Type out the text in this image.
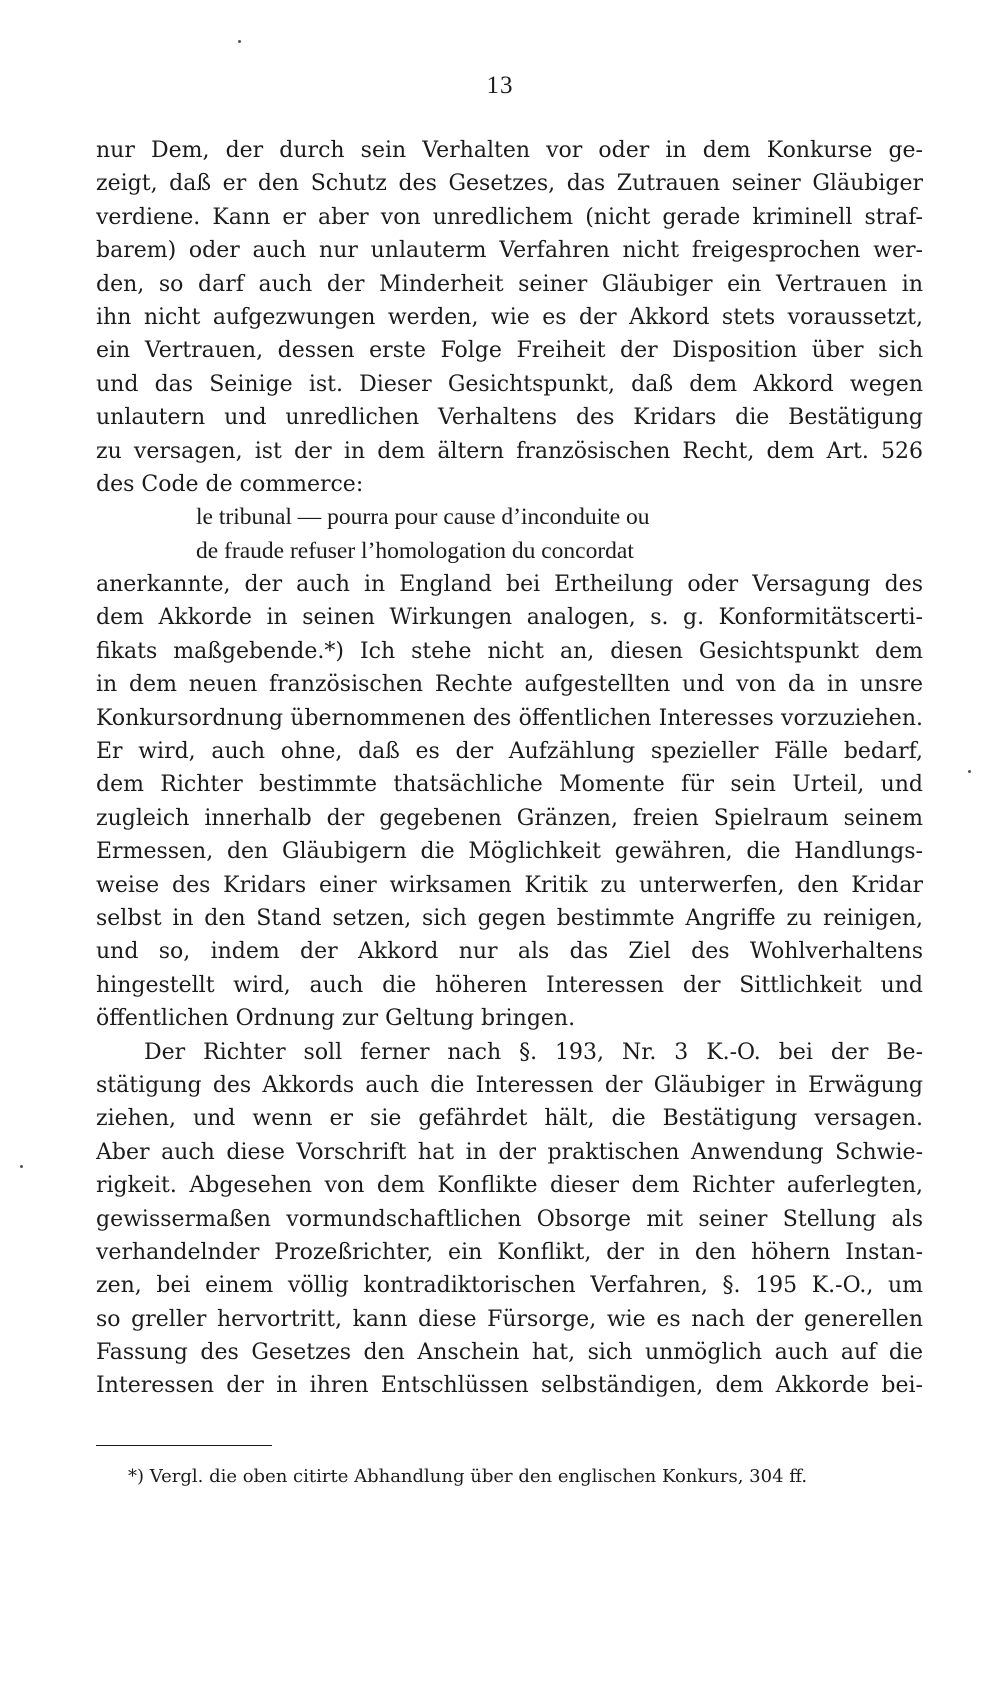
13
nur Dem, der durch sein Verhalten vor oder in dem Konkurse ge-
zeigt, daß er den Schutz des Gesetzes, das Zutrauen seiner Gläubiger
verdiene. Kann er aber von unredlichem (nicht gerade kriminell straf-
barem) oder auch nur unlauterm Verfahren nicht freigesprochen wer-
den, so darf auch der Minderheit seiner Gläubiger ein Vertrauen in
ihn nicht aufgezwungen werden, wie es der Akkord stets voraussetzt,
ein Vertrauen, dessen erste Folge Freiheit der Disposition über sich
und das Seinige ist. Dieser Gesichtspunkt, daß dem Akkord wegen
unlautern und unredlichen Verhaltens des Kridars die Bestätigung
zu versagen, ist der in dem ältern französischen Recht, dem Art. 526
des Code de commerce:
le tribunal — pourra pour cause d’inconduite ou
de fraude refuser l’homologation du concordat
anerkannte, der auch in England bei Ertheilung oder Versagung des
dem Akkorde in seinen Wirkungen analogen, s. g. Konformitätscerti-
fikats maßgebende.*) Ich stehe nicht an, diesen Gesichtspunkt dem
in dem neuen französischen Rechte aufgestellten und von da in unsre
Konkursordnung übernommenen des öffentlichen Interesses vorzuziehen.
Er wird, auch ohne, daß es der Aufzählung spezieller Fälle bedarf,
dem Richter bestimmte thatsächliche Momente für sein Urteil, und
zugleich innerhalb der gegebenen Gränzen, freien Spielraum seinem
Ermessen, den Gläubigern die Möglichkeit gewähren, die Handlungs-
weise des Kridars einer wirksamen Kritik zu unterwerfen, den Kridar
selbst in den Stand setzen, sich gegen bestimmte Angriffe zu reinigen,
und so, indem der Akkord nur als das Ziel des Wohlverhaltens
hingestellt wird, auch die höheren Interessen der Sittlichkeit und
öffentlichen Ordnung zur Geltung bringen.
Der Richter soll ferner nach §. 193, Nr. 3 K.-O. bei der Be-
stätigung des Akkords auch die Interessen der Gläubiger in Erwägung
ziehen, und wenn er sie gefährdet hält, die Bestätigung versagen.
Aber auch diese Vorschrift hat in der praktischen Anwendung Schwie-
rigkeit. Abgesehen von dem Konflikte dieser dem Richter auferlegten,
gewissermaßen vormundschaftlichen Obsorge mit seiner Stellung als
verhandelnder Prozeßrichter, ein Konflikt, der in den höhern Instan-
zen, bei einem völlig kontradiktorischen Verfahren, §. 195 K.-O., um
so greller hervortritt, kann diese Fürsorge, wie es nach der generellen
Fassung des Gesetzes den Anschein hat, sich unmöglich auch auf die
Interessen der in ihren Entschlüssen selbständigen, dem Akkorde bei-
*) Vergl. die oben citirte Abhandlung über den englischen Konkurs, 304 ff.
